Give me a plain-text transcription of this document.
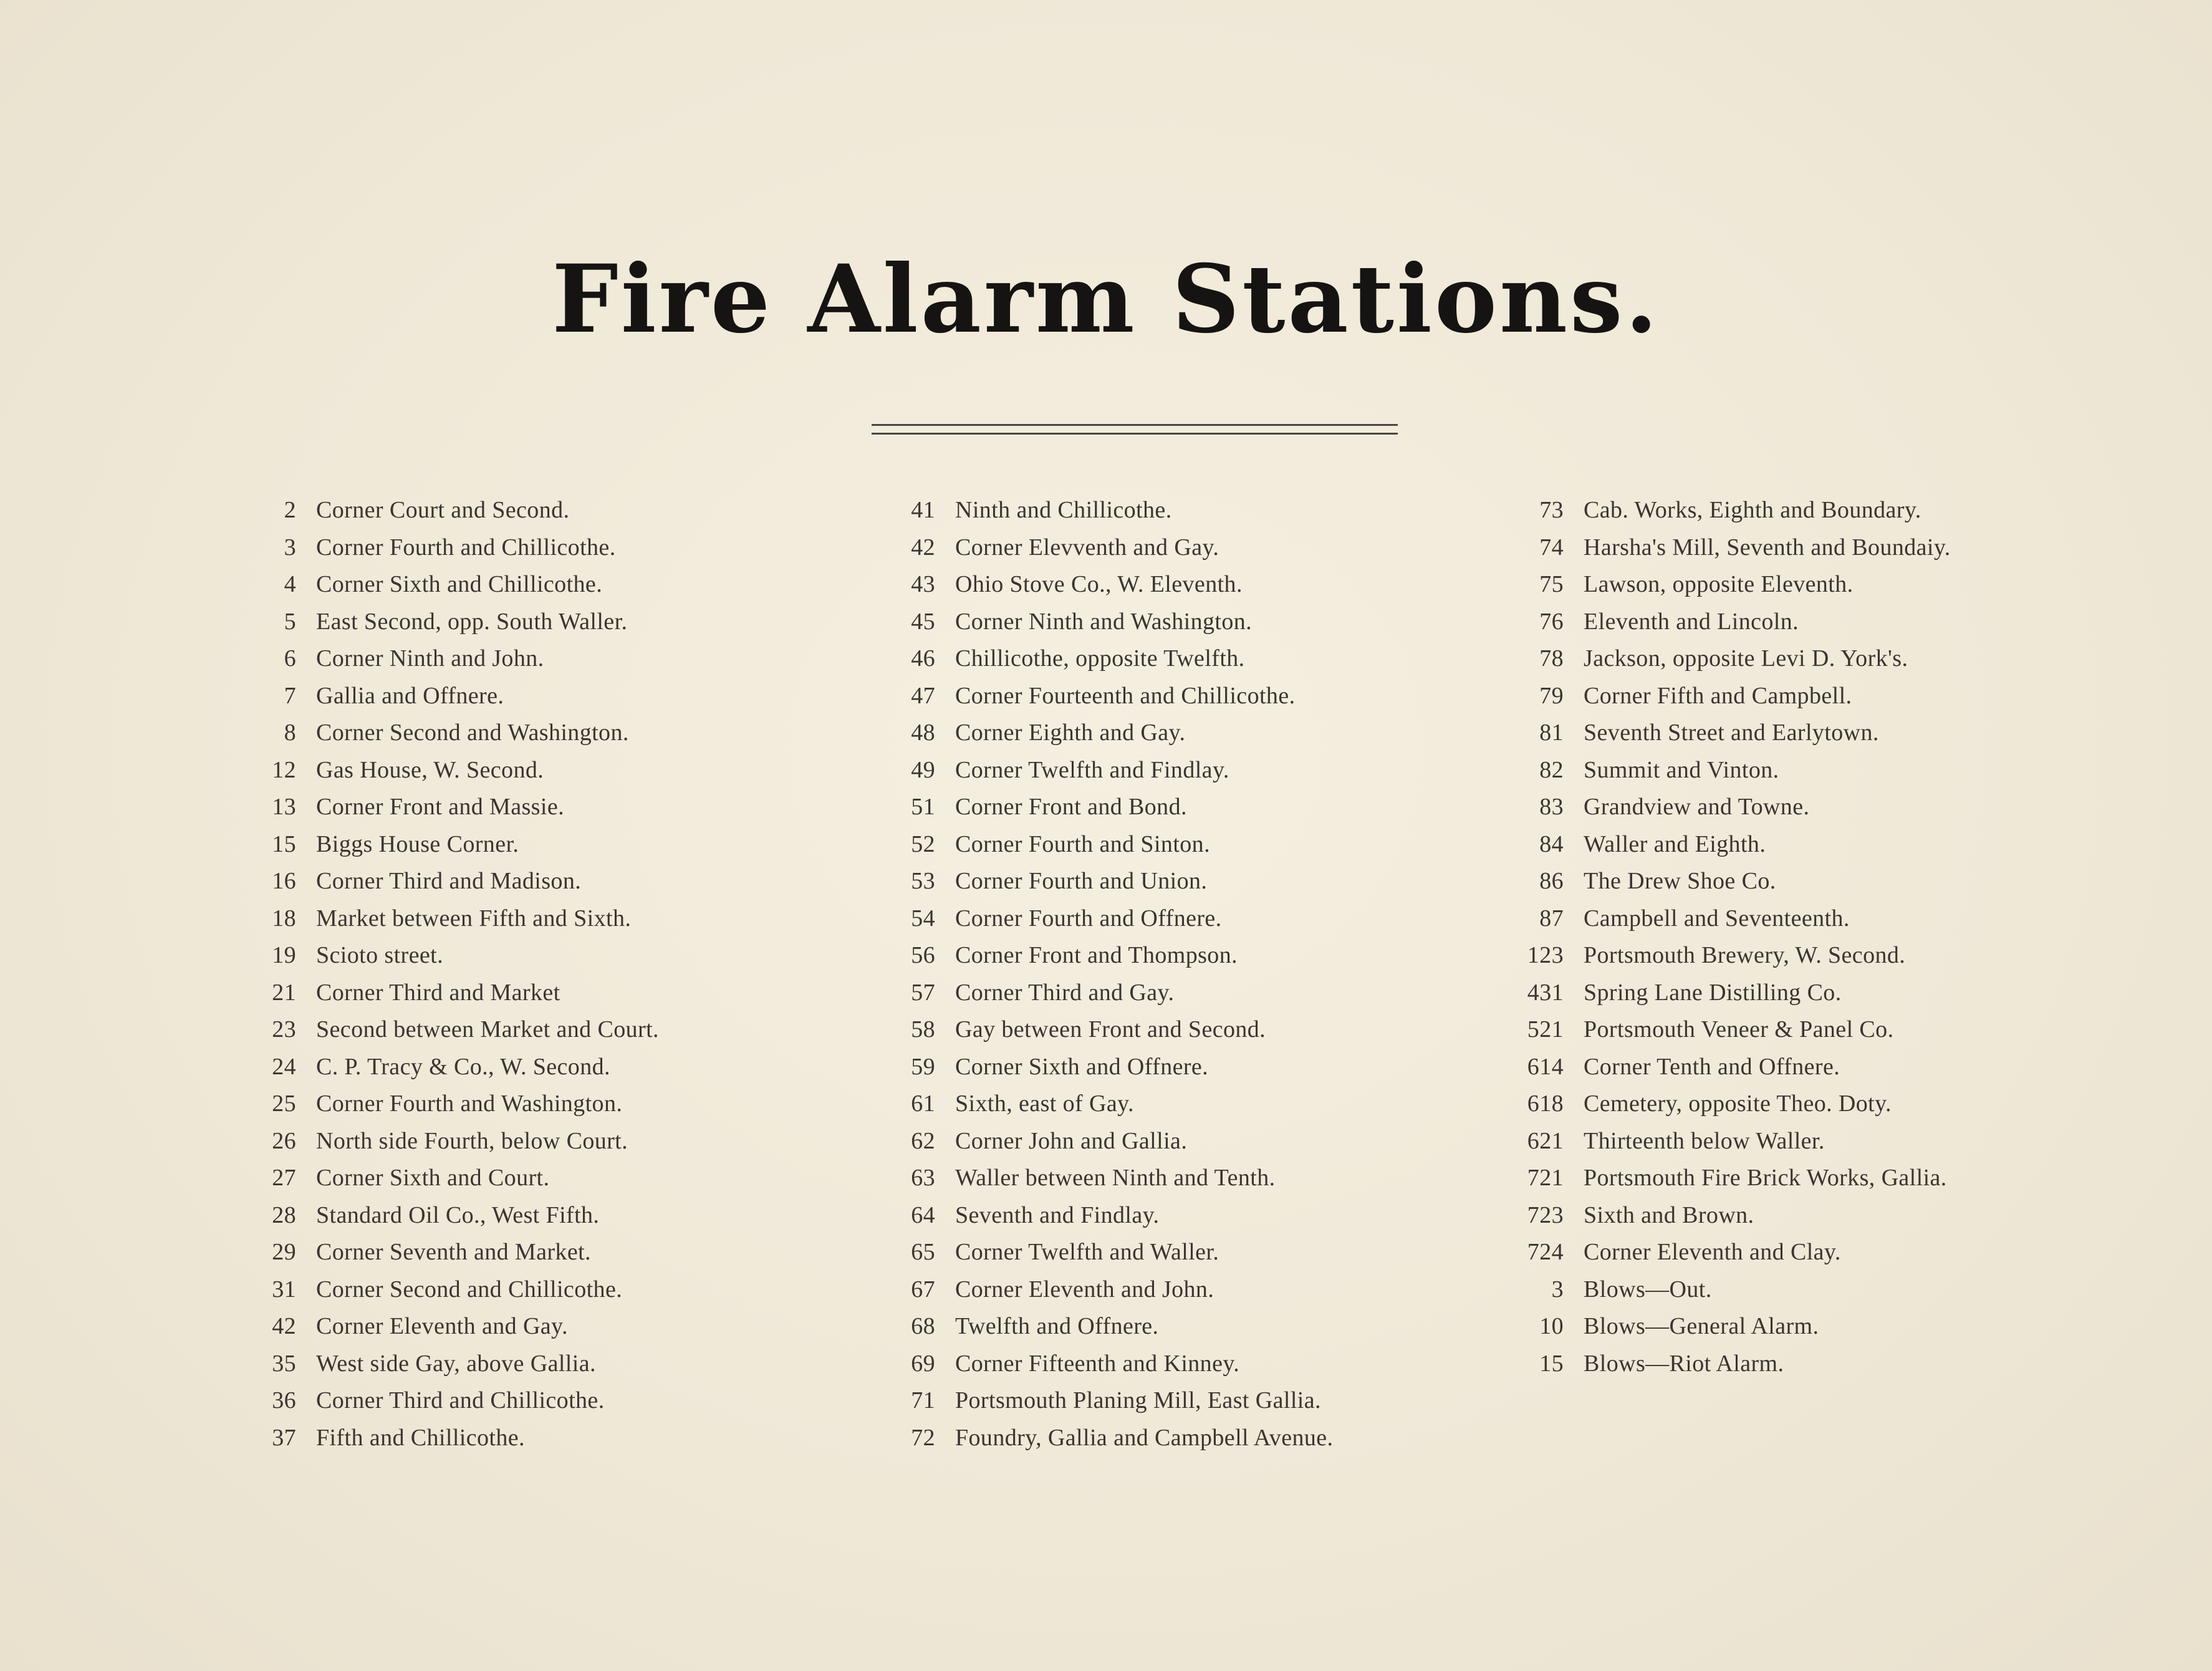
Fire Alarm Stations.
2 Corner Court and Second.
3 Corner Fourth and Chillicothe.
4 Corner Sixth and Chillicothe.
5 East Second, opp. South Waller.
6 Corner Ninth and John.
7 Gallia and Offnere.
8 Corner Second and Washington.
12 Gas House, W. Second.
13 Corner Front and Massie.
15 Biggs House Corner.
16 Corner Third and Madison.
18 Market between Fifth and Sixth.
19 Scioto street.
21 Corner Third and Market
23 Second between Market and Court.
24 C. P. Tracy & Co., W. Second.
25 Corner Fourth and Washington.
26 North side Fourth, below Court.
27 Corner Sixth and Court.
28 Standard Oil Co., West Fifth.
29 Corner Seventh and Market.
31 Corner Second and Chillicothe.
42 Corner Eleventh and Gay.
35 West side Gay, above Gallia.
36 Corner Third and Chillicothe.
37 Fifth and Chillicothe.
41 Ninth and Chillicothe.
42 Corner Elevventh and Gay.
43 Ohio Stove Co., W. Eleventh.
45 Corner Ninth and Washington.
46 Chillicothe, opposite Twelfth.
47 Corner Fourteenth and Chillicothe.
48 Corner Eighth and Gay.
49 Corner Twelfth and Findlay.
51 Corner Front and Bond.
52 Corner Fourth and Sinton.
53 Corner Fourth and Union.
54 Corner Fourth and Offnere.
56 Corner Front and Thompson.
57 Corner Third and Gay.
58 Gay between Front and Second.
59 Corner Sixth and Offnere.
61 Sixth, east of Gay.
62 Corner John and Gallia.
63 Waller between Ninth and Tenth.
64 Seventh and Findlay.
65 Corner Twelfth and Waller.
67 Corner Eleventh and John.
68 Twelfth and Offnere.
69 Corner Fifteenth and Kinney.
71 Portsmouth Planing Mill, East Gallia.
72 Foundry, Gallia and Campbell Avenue.
73 Cab. Works, Eighth and Boundary.
74 Harsha's Mill, Seventh and Boundaiy.
75 Lawson, opposite Eleventh.
76 Eleventh and Lincoln.
78 Jackson, opposite Levi D. York's.
79 Corner Fifth and Campbell.
81 Seventh Street and Earlytown.
82 Summit and Vinton.
83 Grandview and Towne.
84 Waller and Eighth.
86 The Drew Shoe Co.
87 Campbell and Seventeenth.
123 Portsmouth Brewery, W. Second.
431 Spring Lane Distilling Co.
521 Portsmouth Veneer & Panel Co.
614 Corner Tenth and Offnere.
618 Cemetery, opposite Theo. Doty.
621 Thirteenth below Waller.
721 Portsmouth Fire Brick Works, Gallia.
723 Sixth and Brown.
724 Corner Eleventh and Clay.
3 Blows—Out.
10 Blows—General Alarm.
15 Blows—Riot Alarm.
